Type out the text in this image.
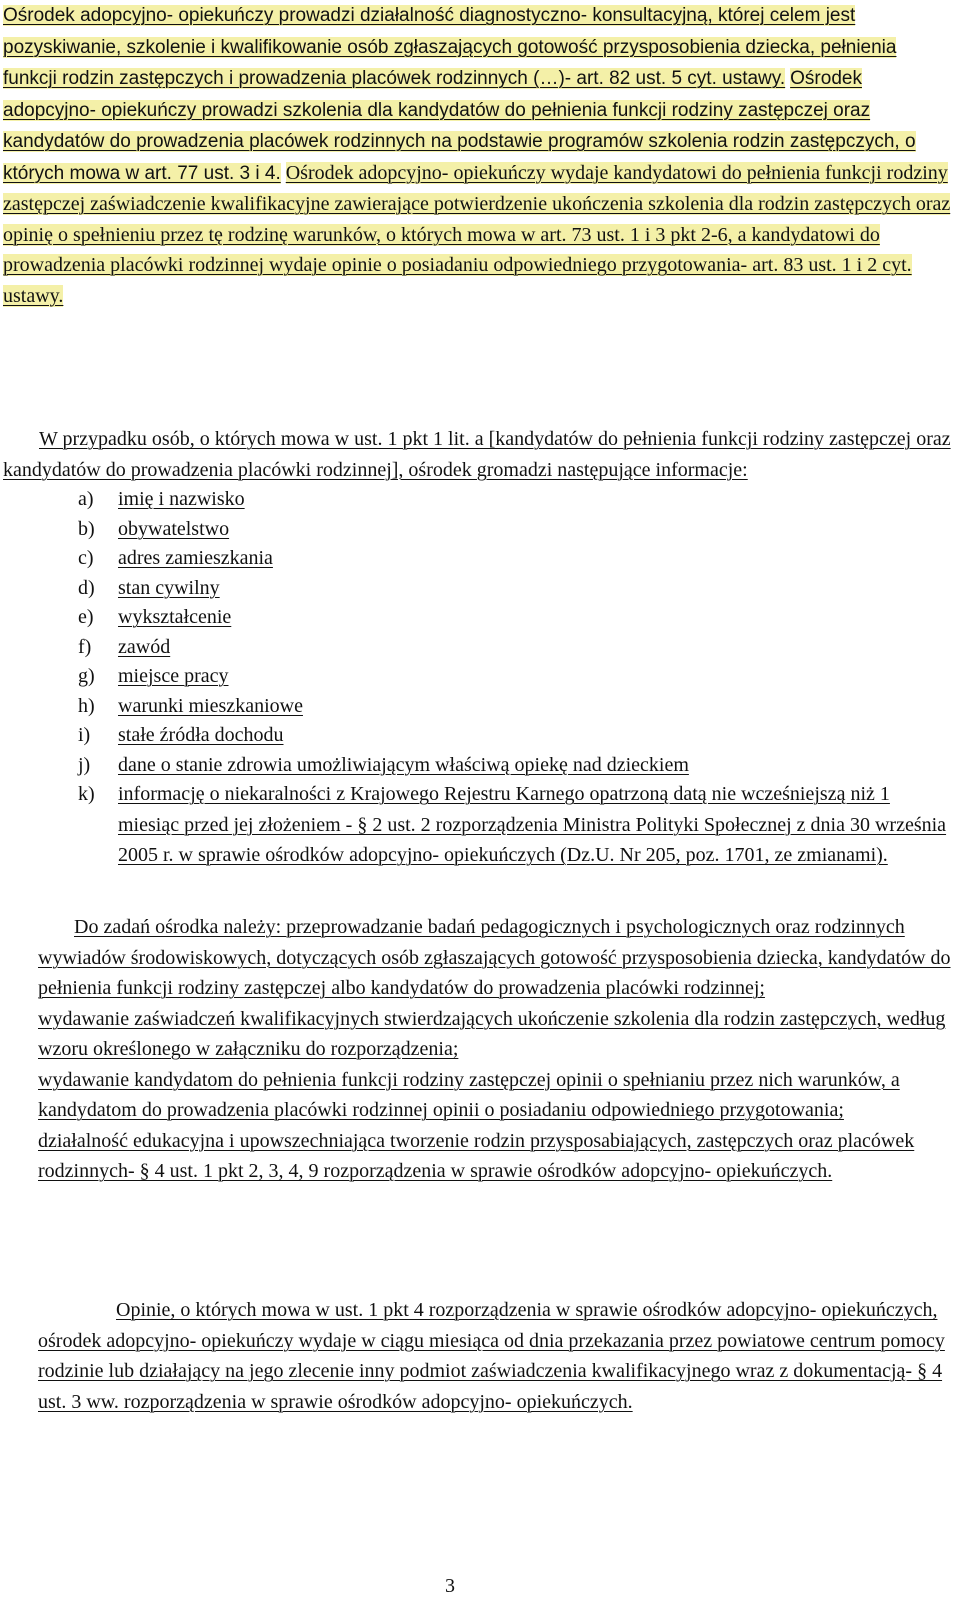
Ośrodek adopcyjno- opiekuńczy prowadzi działalność diagnostyczno- konsultacyjną, której celem jest pozyskiwanie, szkolenie i kwalifikowanie osób zgłaszających gotowość przysposobienia dziecka, pełnienia funkcji rodzin zastępczych i prowadzenia placówek rodzinnych (…)- art. 82 ust. 5 cyt. ustawy. Ośrodek adopcyjno- opiekuńczy prowadzi szkolenia dla kandydatów do pełnienia funkcji rodziny zastępczej oraz kandydatów do prowadzenia placówek rodzinnych na podstawie programów szkolenia rodzin zastępczych, o których mowa w art. 77 ust. 3 i 4. Ośrodek adopcyjno- opiekuńczy wydaje kandydatowi do pełnienia funkcji rodziny zastępczej zaświadczenie kwalifikacyjne zawierające potwierdzenie ukończenia szkolenia dla rodzin zastępczych oraz opinię o spełnieniu przez tę rodzinę warunków, o których mowa w art. 73 ust. 1 i 3 pkt 2-6, a kandydatowi do prowadzenia placówki rodzinnej wydaje opinie o posiadaniu odpowiedniego przygotowania- art. 83 ust. 1 i 2 cyt. ustawy.
W przypadku osób, o których mowa w ust. 1 pkt 1 lit. a [kandydatów do pełnienia funkcji rodziny zastępczej oraz kandydatów do prowadzenia placówki rodzinnej], ośrodek gromadzi następujące informacje:
a) imię i nazwisko
b) obywatelstwo
c) adres zamieszkania
d) stan cywilny
e) wykształcenie
f) zawód
g) miejsce pracy
h) warunki mieszkaniowe
i) stałe źródła dochodu
j) dane o stanie zdrowia umożliwiającym właściwą opiekę nad dzieckiem
k) informację o niekaralności z Krajowego Rejestru Karnego opatrzoną datą nie wcześniejszą niż 1 miesiąc przed jej złożeniem - § 2 ust. 2 rozporządzenia Ministra Polityki Społecznej z dnia 30 września 2005 r. w sprawie ośrodków adopcyjno- opiekuńczych (Dz.U. Nr 205, poz. 1701, ze zmianami).
Do zadań ośrodka należy: przeprowadzanie badań pedagogicznych i psychologicznych oraz rodzinnych wywiadów środowiskowych, dotyczących osób zgłaszających gotowość przysposobienia dziecka, kandydatów do pełnienia funkcji rodziny zastępczej albo kandydatów do prowadzenia placówki rodzinnej;
wydawanie zaświadczeń kwalifikacyjnych stwierdzających ukończenie szkolenia dla rodzin zastępczych, według wzoru określonego w załączniku do rozporządzenia;
wydawanie kandydatom do pełnienia funkcji rodziny zastępczej opinii o spełnianiu przez nich warunków, a kandydatom do prowadzenia placówki rodzinnej opinii o posiadaniu odpowiedniego przygotowania;
działalność edukacyjna i upowszechniająca tworzenie rodzin przysposabiających, zastępczych oraz placówek rodzinnych- § 4 ust. 1 pkt 2, 3, 4, 9 rozporządzenia w sprawie ośrodków adopcyjno- opiekuńczych.
Opinie, o których mowa w ust. 1 pkt 4 rozporządzenia w sprawie ośrodków adopcyjno- opiekuńczych, ośrodek adopcyjno- opiekuńczy wydaje w ciągu miesiąca od dnia przekazania przez powiatowe centrum pomocy rodzinie lub działający na jego zlecenie inny podmiot zaświadczenia kwalifikacyjnego wraz z dokumentacją- § 4 ust. 3 ww. rozporządzenia w sprawie ośrodków adopcyjno- opiekuńczych.
3
